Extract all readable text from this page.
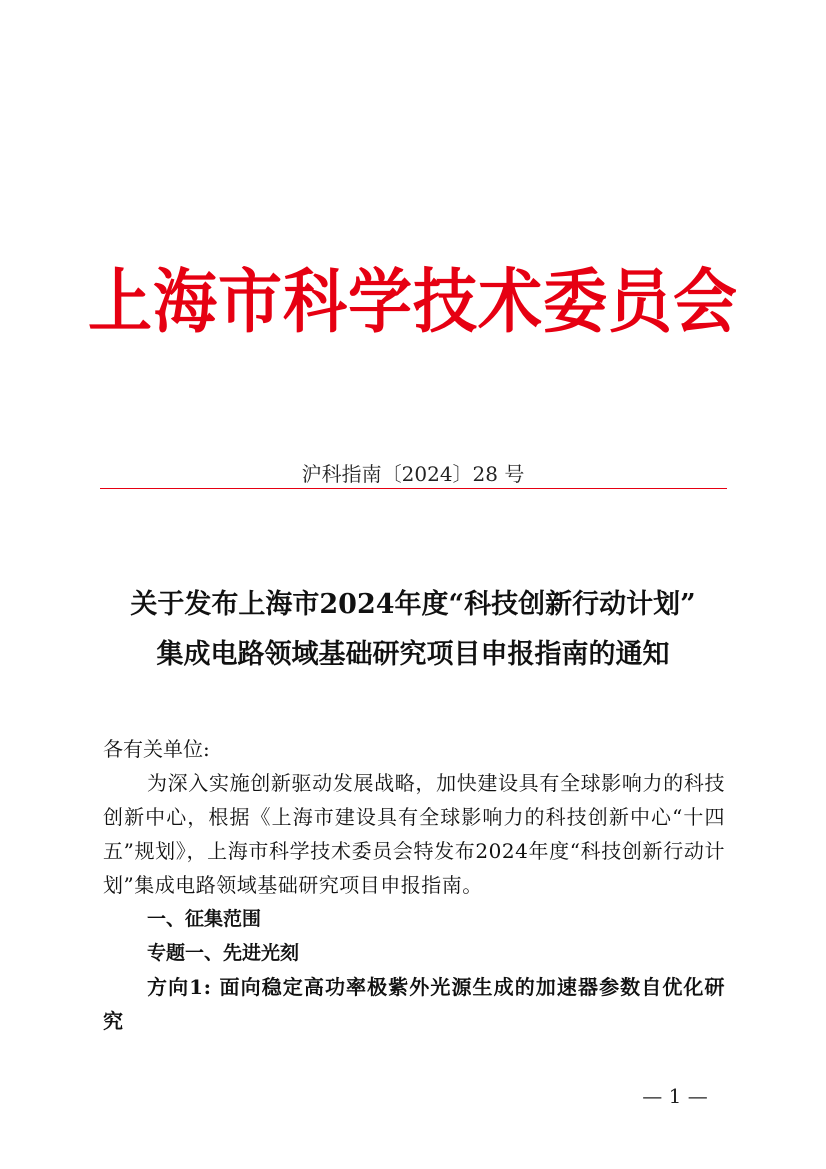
上海市科学技术委员会
沪科指南〔2024〕28 号
关于发布上海市2024年度“科技创新行动计划”
集成电路领域基础研究项目申报指南的通知

各有关单位:

为深入实施创新驱动发展战略，加快建设具有全球影响力的科技创新中心，根据《上海市建设具有全球影响力的科技创新中心“十四五”规划》，上海市科学技术委员会特发布2024年度“科技创新行动计划”集成电路领域基础研究项目申报指南。

一、征集范围

专题一、先进光刻

方向1: 面向稳定高功率极紫外光源生成的加速器参数自优化研究

— 1 —
